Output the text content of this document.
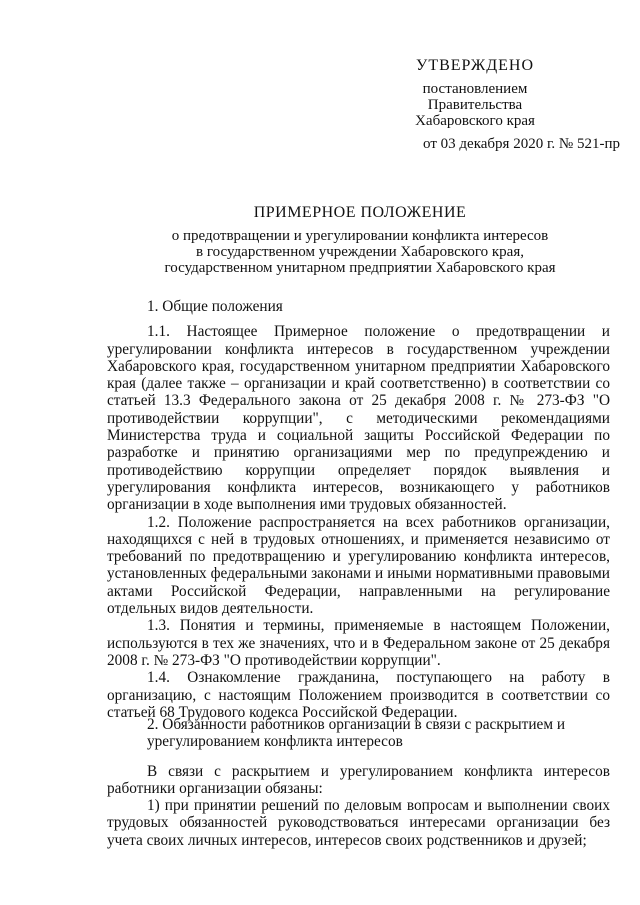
УТВЕРЖДЕНО
постановлением
Правительства
Хабаровского края
от 03 декабря 2020 г. № 521-пр
ПРИМЕРНОЕ ПОЛОЖЕНИЕ
о предотвращении и урегулировании конфликта интересов
в государственном учреждении Хабаровского края,
государственном унитарном предприятии Хабаровского края

1. Общие положения

1.1. Настоящее Примерное положение о предотвращении и урегулировании конфликта интересов в государственном учреждении Хабаровского края, государственном унитарном предприятии Хабаровского края (далее также – организации и край соответственно) в соответствии со статьей 13.3 Федерального закона от 25 декабря 2008 г. № 273-ФЗ "О противодействии коррупции", с методическими рекомендациями Министерства труда и социальной защиты Российской Федерации по разработке и принятию организациями мер по предупреждению и противодействию коррупции определяет порядок выявления и урегулирования конфликта интересов, возникающего у работников организации в ходе выполнения ими трудовых обязанностей.

1.2. Положение распространяется на всех работников организации, находящихся с ней в трудовых отношениях, и применяется независимо от требований по предотвращению и урегулированию конфликта интересов, установленных федеральными законами и иными нормативными правовыми актами Российской Федерации, направленными на регулирование отдельных видов деятельности.

1.3. Понятия и термины, применяемые в настоящем Положении, используются в тех же значениях, что и в Федеральном законе от 25 декабря 2008 г. № 273-ФЗ "О противодействии коррупции".

1.4. Ознакомление гражданина, поступающего на работу в организацию, с настоящим Положением производится в соответствии со статьей 68 Трудового кодекса Российской Федерации.

2. Обязанности работников организации в связи с раскрытием и урегулированием конфликта интересов

В связи с раскрытием и урегулированием конфликта интересов работники организации обязаны:

1) при принятии решений по деловым вопросам и выполнении своих трудовых обязанностей руководствоваться интересами организации без учета своих личных интересов, интересов своих родственников и друзей;
